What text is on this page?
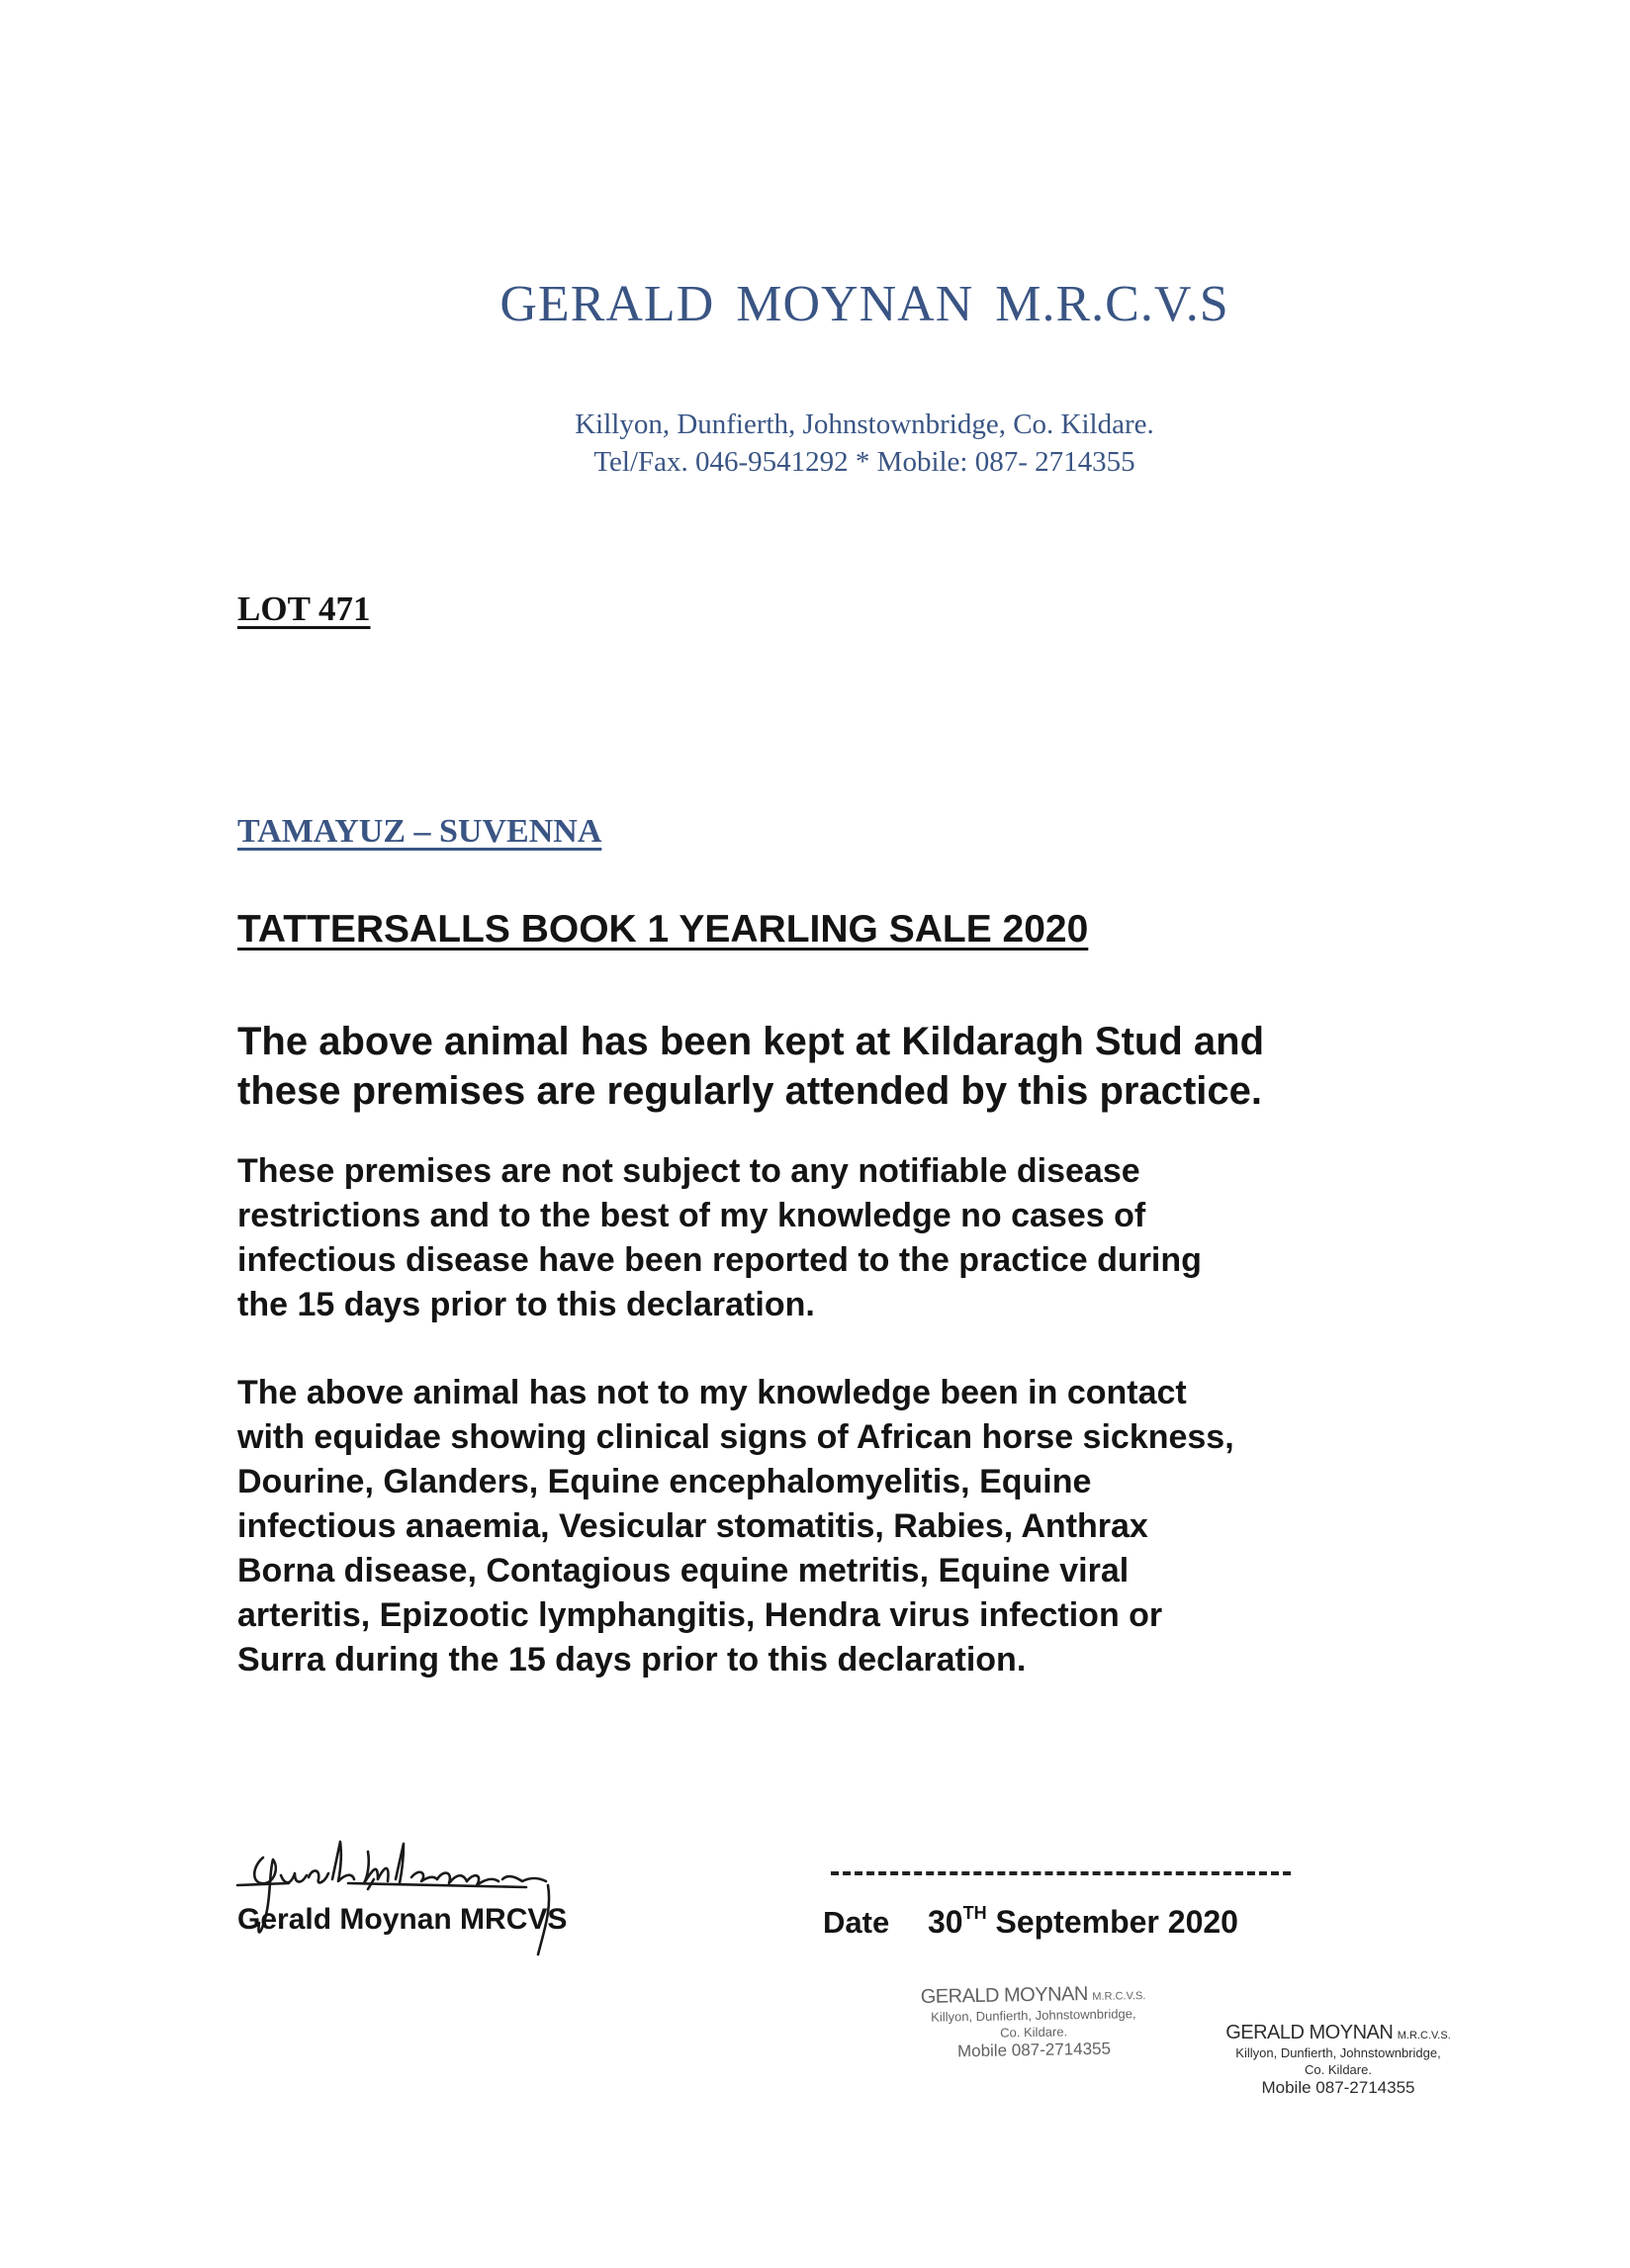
GERALD MOYNAN M.R.C.V.S

Killyon, Dunfierth, Johnstownbridge, Co. Kildare.
Tel/Fax. 046-9541292 * Mobile: 087- 2714355

LOT 471

TAMAYUZ – SUVENNA

TATTERSALLS BOOK 1 YEARLING SALE 2020

The above animal has been kept at Kildaragh Stud and
these premises are regularly attended by this practice.
These premises are not subject to any notifiable disease
restrictions and to the best of my knowledge no cases of
infectious disease have been reported to the practice during
the 15 days prior to this declaration.
The above animal has not to my knowledge been in contact
with equidae showing clinical signs of African horse sickness,
Dourine, Glanders, Equine encephalomyelitis, Equine
infectious anaemia, Vesicular stomatitis, Rabies, Anthrax
Borna disease, Contagious equine metritis, Equine viral
arteritis, Epizootic lymphangitis, Hendra virus infection or
Surra during the 15 days prior to this declaration.

Gerald Moynan MRCVS	Date 30TH September 2020

GERALD MOYNAN M.R.C.V.S.
Killyon, Dunfierth, Johnstownbridge,
Co. Kildare.
Mobile 087-2714355
GERALD MOYNAN M.R.C.V.S.
Killyon, Dunfierth, Johnstownbridge,
Co. Kildare.
Mobile 087-2714355
